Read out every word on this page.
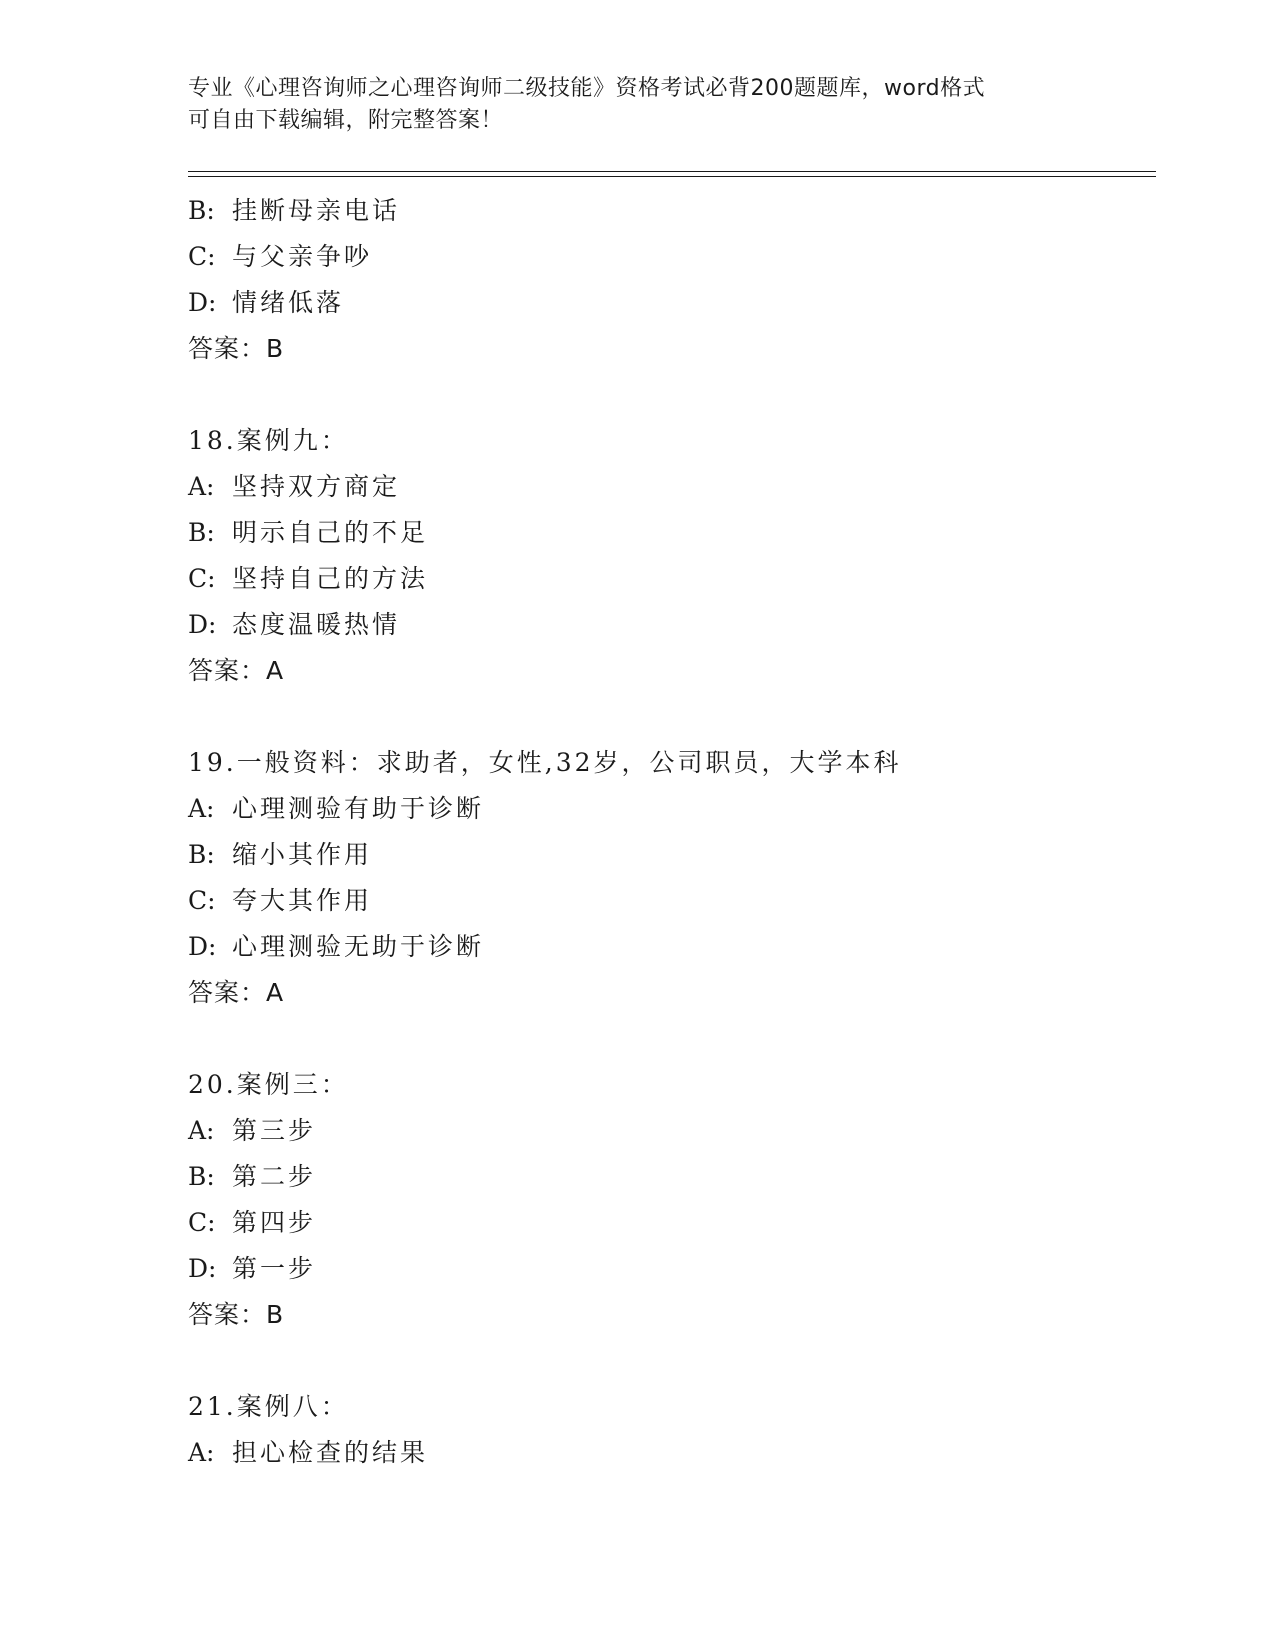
专业《心理咨询师之心理咨询师二级技能》资格考试必背200题题库，word格式
可自由下载编辑，附完整答案！
B: 挂断母亲电话
C: 与父亲争吵
D: 情绪低落
答案：B
18.案例九：
A: 坚持双方商定
B: 明示自己的不足
C: 坚持自己的方法
D: 态度温暖热情
答案：A
19.一般资料：求助者，女性,32岁，公司职员，大学本科
A: 心理测验有助于诊断
B: 缩小其作用
C: 夸大其作用
D: 心理测验无助于诊断
答案：A
20.案例三：
A: 第三步
B: 第二步
C: 第四步
D: 第一步
答案：B
21.案例八：
A: 担心检查的结果
